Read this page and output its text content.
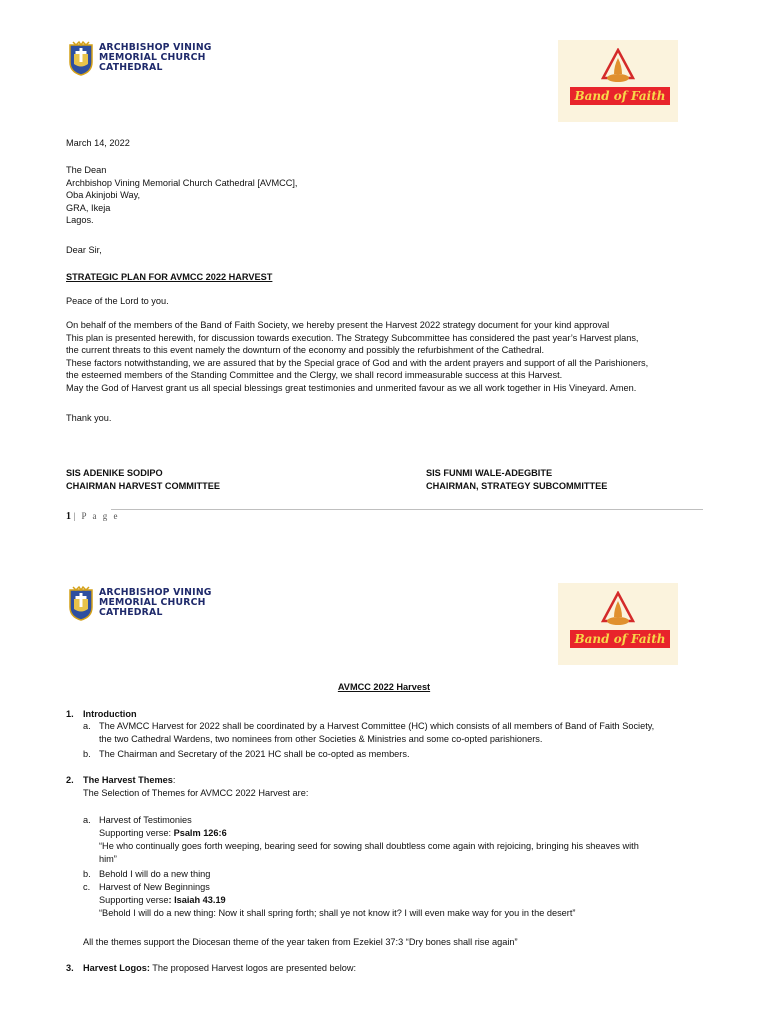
ARCHBISHOP VINING
MEMORIAL CHURCH
CATHEDRAL
Band of Faith
March 14, 2022
The Dean
Archbishop Vining Memorial Church Cathedral [AVMCC],
Oba Akinjobi Way,
GRA, Ikeja
Lagos.
Dear Sir,
STRATEGIC PLAN FOR AVMCC 2022 HARVEST
Peace of the Lord to you.
On behalf of the members of the Band of Faith Society, we hereby present the Harvest 2022 strategy document for your kind approval
This plan is presented herewith, for discussion towards execution. The Strategy Subcommittee has considered the past year’s Harvest plans,
the current threats to this event namely the downturn of the economy and possibly the refurbishment of the Cathedral.
These factors notwithstanding, we are assured that by the Special grace of God and with the ardent prayers and support of all the Parishioners,
the esteemed members of the Standing Committee and the Clergy, we shall record immeasurable success at this Harvest.
May the God of Harvest grant us all special blessings great testimonies and unmerited favour as we all work together in His Vineyard. Amen.
Thank you.
SIS ADENIKE SODIPO
CHAIRMAN HARVEST COMMITTEE
SIS FUNMI WALE-ADEGBITE
CHAIRMAN, STRATEGY SUBCOMMITTEE
1 | P a g e
ARCHBISHOP VINING
MEMORIAL CHURCH
CATHEDRAL
Band of Faith
AVMCC 2022 Harvest
1. Introduction
a. The AVMCC Harvest for 2022 shall be coordinated by a Harvest Committee (HC) which consists of all members of Band of Faith Society,
the two Cathedral Wardens, two nominees from other Societies & Ministries and some co-opted parishioners.
b. The Chairman and Secretary of the 2021 HC shall be co-opted as members.
2. The Harvest Themes:
The Selection of Themes for AVMCC 2022 Harvest are:
a. Harvest of Testimonies
Supporting verse: Psalm 126:6
“He who continually goes forth weeping, bearing seed for sowing shall doubtless come again with rejoicing, bringing his sheaves with
him”
b. Behold I will do a new thing
c. Harvest of New Beginnings
Supporting verse: Isaiah 43.19
“Behold I will do a new thing: Now it shall spring forth; shall ye not know it? I will even make way for you in the desert”
All the themes support the Diocesan theme of the year taken from Ezekiel 37:3 “Dry bones shall rise again”
3. Harvest Logos: The proposed Harvest logos are presented below:
